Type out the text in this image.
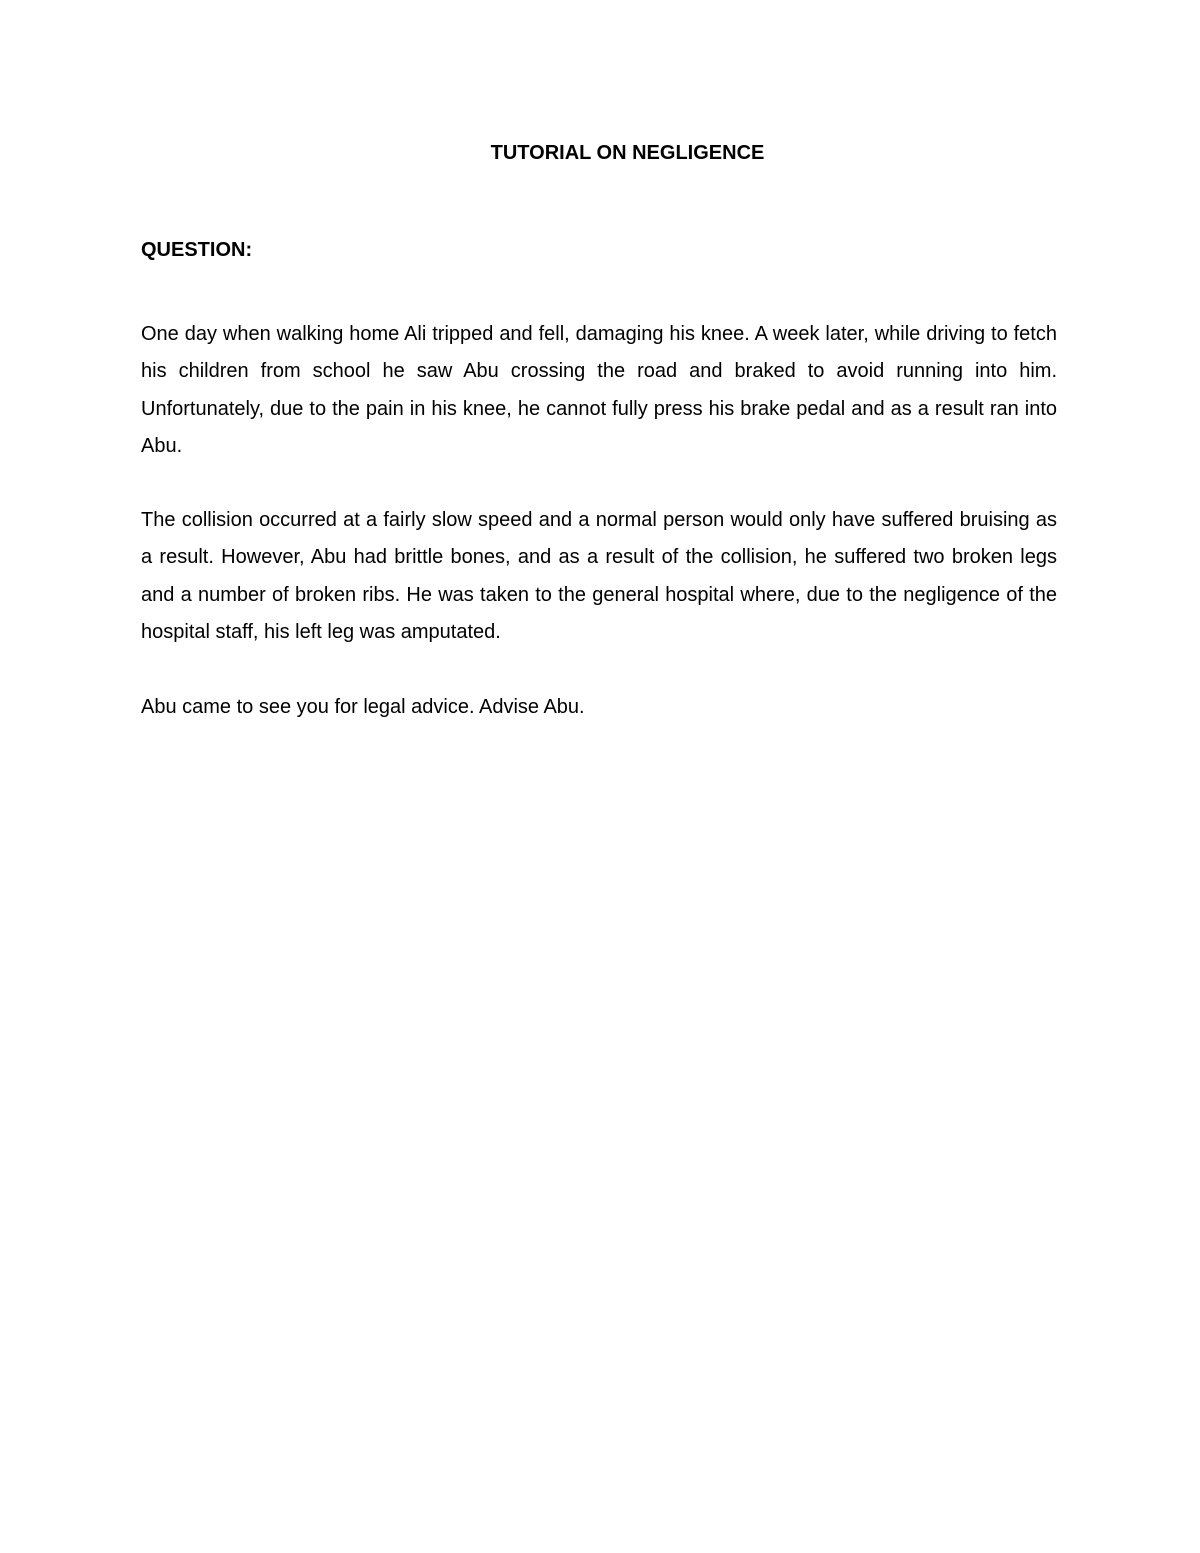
TUTORIAL ON NEGLIGENCE
QUESTION:

One day when walking home Ali tripped and fell, damaging his knee. A week later, while driving to fetch his children from school he saw Abu crossing the road and braked to avoid running into him. Unfortunately, due to the pain in his knee, he cannot fully press his brake pedal and as a result ran into Abu.

The collision occurred at a fairly slow speed and a normal person would only have suffered bruising as a result. However, Abu had brittle bones, and as a result of the collision, he suffered two broken legs and a number of broken ribs. He was taken to the general hospital where, due to the negligence of the hospital staff, his left leg was amputated.

Abu came to see you for legal advice. Advise Abu.
